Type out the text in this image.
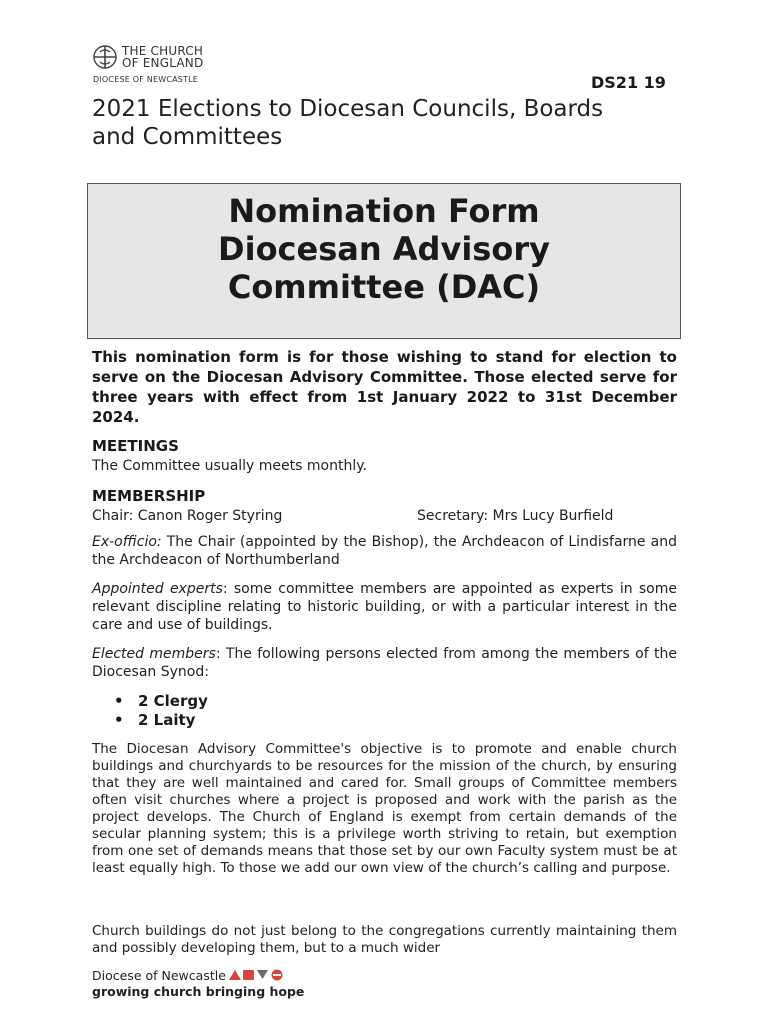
THE CHURCH
OF ENGLAND
DIOCESE OF NEWCASTLE	DS21 19
2021 Elections to Diocesan Councils, Boards and Committees
Nomination Form
Diocesan Advisory
Committee (DAC)
This nomination form is for those wishing to stand for election to serve on the Diocesan Advisory Committee. Those elected serve for three years with effect from 1st January 2022 to 31st December 2024.
MEETINGS
The Committee usually meets monthly.
MEMBERSHIP
Chair: Canon Roger Styring	Secretary: Mrs Lucy Burfield
Ex-officio: The Chair (appointed by the Bishop), the Archdeacon of Lindisfarne and the Archdeacon of Northumberland
Appointed experts: some committee members are appointed as experts in some relevant discipline relating to historic building, or with a particular interest in the care and use of buildings.
Elected members: The following persons elected from among the members of the Diocesan Synod:
• 2 Clergy
• 2 Laity
The Diocesan Advisory Committee's objective is to promote and enable church buildings and churchyards to be resources for the mission of the church, by ensuring that they are well maintained and cared for. Small groups of Committee members often visit churches where a project is proposed and work with the parish as the project develops. The Church of England is exempt from certain demands of the secular planning system; this is a privilege worth striving to retain, but exemption from one set of demands means that those set by our own Faculty system must be at least equally high. To those we add our own view of the church’s calling and purpose.
Church buildings do not just belong to the congregations currently maintaining them and possibly developing them, but to a much wider
Diocese of Newcastle
growing church bringing hope
